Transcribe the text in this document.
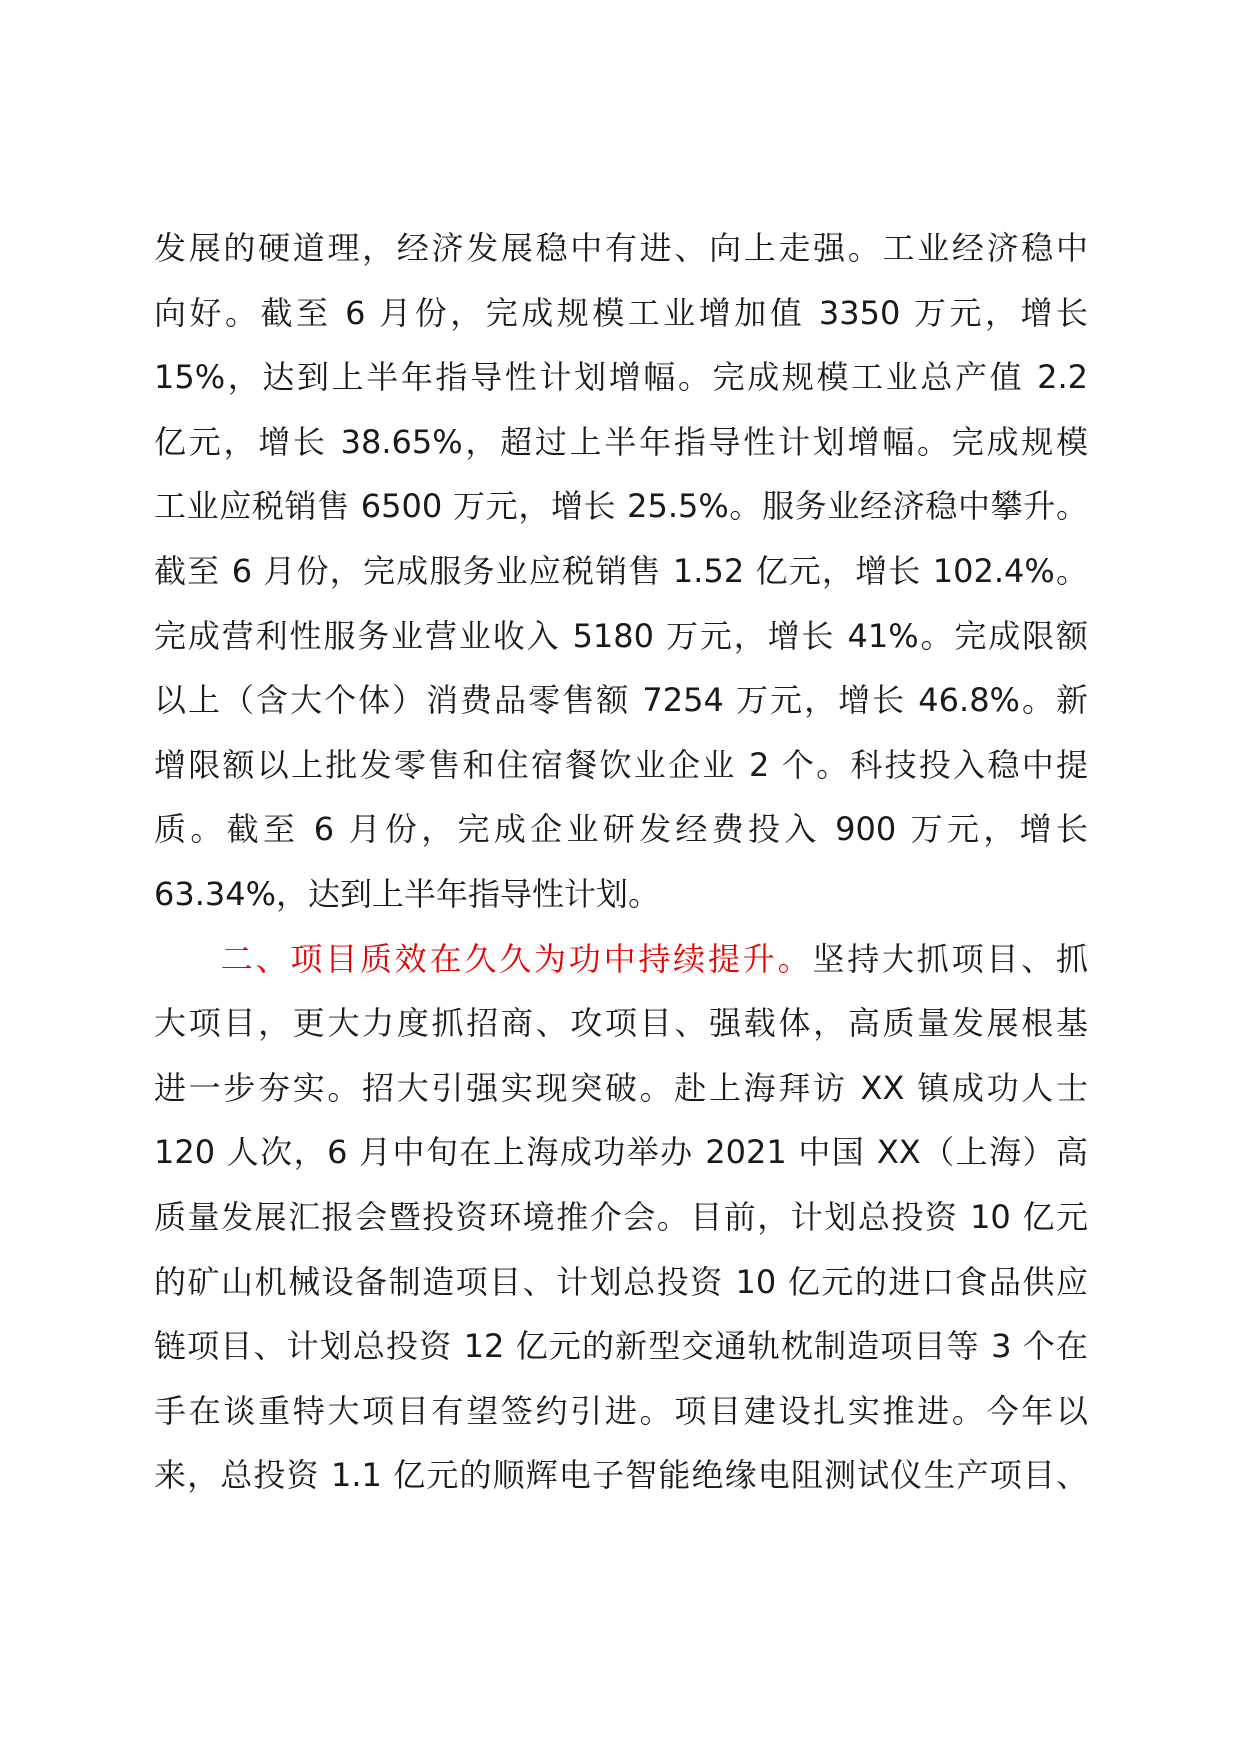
发展的硬道理，经济发展稳中有进、向上走强。工业经济稳中
向好。截至 6 月份，完成规模工业增加值 3350 万元，增长
15%，达到上半年指导性计划增幅。完成规模工业总产值 2.2
亿元，增长 38.65%，超过上半年指导性计划增幅。完成规模
工业应税销售 6500 万元，增长 25.5%。服务业经济稳中攀升。
截至 6 月份，完成服务业应税销售 1.52 亿元，增长 102.4%。
完成营利性服务业营业收入 5180 万元，增长 41%。完成限额
以上（含大个体）消费品零售额 7254 万元，增长 46.8%。新
增限额以上批发零售和住宿餐饮业企业 2 个。科技投入稳中提
质。截至 6 月份，完成企业研发经费投入 900 万元，增长
63.34%，达到上半年指导性计划。
二、项目质效在久久为功中持续提升。坚持大抓项目、抓
大项目，更大力度抓招商、攻项目、强载体，高质量发展根基
进一步夯实。招大引强实现突破。赴上海拜访 XX 镇成功人士
120 人次，6 月中旬在上海成功举办 2021 中国 XX（上海）高
质量发展汇报会暨投资环境推介会。目前，计划总投资 10 亿元
的矿山机械设备制造项目、计划总投资 10 亿元的进口食品供应
链项目、计划总投资 12 亿元的新型交通轨枕制造项目等 3 个在
手在谈重特大项目有望签约引进。项目建设扎实推进。今年以
来，总投资 1.1 亿元的顺辉电子智能绝缘电阻测试仪生产项目、
